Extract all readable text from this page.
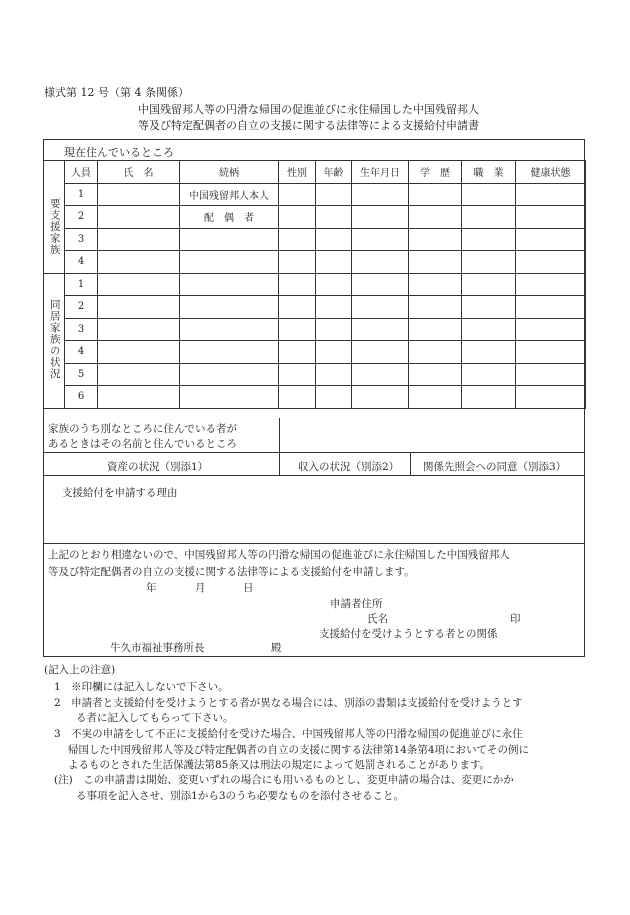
様式第 12 号（第 4 条関係）
中国残留邦人等の円滑な帰国の促進並びに永住帰国した中国残留邦人
等及び特定配偶者の自立の支援に関する法律等による支援給付申請書
現在住んでいるところ
	人員	氏　名	続柄	性別	年齢	生年月日	学　歴	職　業	健康状態
要支援家族	1		中国残留邦人本人						
	2		配　偶　者						
	3								
	4								
同居家族の状況	1								
	2								
	3								
	4								
	5								
	6								
家族のうち別なところに住んでいる者が
あるときはその名前と住んでいるところ
資産の状況（別添1）	収入の状況（別添2） 関係先照会への同意（別添3）
支援給付を申請する理由
上記のとおり相違ないので、中国残留邦人等の円滑な帰国の促進並びに永住帰国した中国残留邦人
等及び特定配偶者の自立の支援に関する法律等による支援給付を申請します。
年	月	日
申請者住所
氏名	印
支援給付を受けようとする者との関係
牛久市福祉事務所長	殿
(記入上の注意)
1　※印欄には記入しないで下さい。
2　申請者と支援給付を受けようとする者が異なる場合には、別添の書類は支援給付を受けようとす
る者に記入してもらって下さい。
3　不実の申請をして不正に支援給付を受けた場合、中国残留邦人等の円滑な帰国の促進並びに永住
帰国した中国残留邦人等及び特定配偶者の自立の支援に関する法律第14条第4項においてその例に
よるものとされた生活保護法第85条又は刑法の規定によって処罰されることがあります。
(注)　この申請書は開始、変更いずれの場合にも用いるものとし、変更申請の場合は、変更にかか
る事項を記入させ、別添1から3のうち必要なものを添付させること。
